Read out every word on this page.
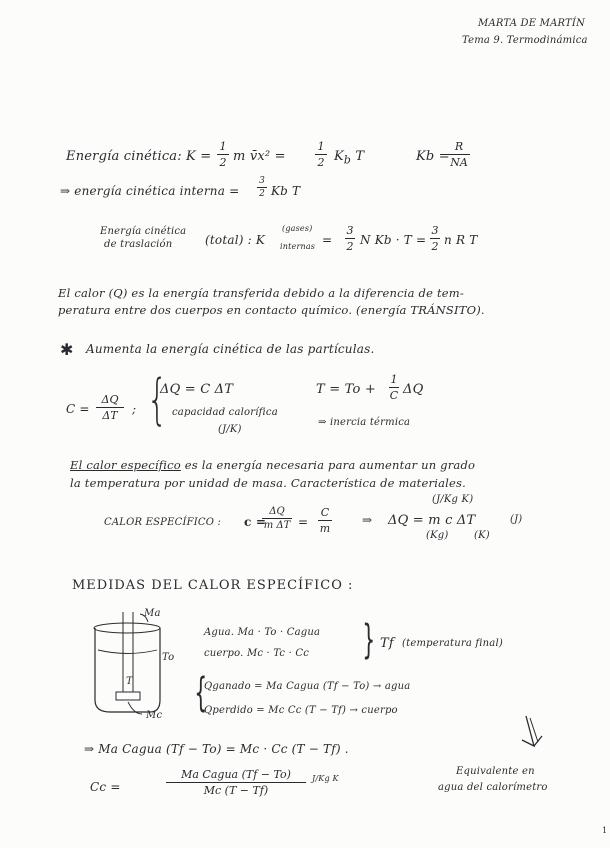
MARTA DE MARTÍN
Tema 9. Termodinámica
Energía cinética: K =
1
2 m v̄x² =
1
2 $K_b$ T	Kb =
R
NA
⇒ energía cinética interna =
3
2 Kb T
Energía cinética
de traslación	(total) : K
(gases)
internas =
3
2 N Kb · T =
3
2 n R T
El calor (Q) es la energía transferida debido a la diferencia de tem-
peratura entre dos cuerpos en contacto químico. (energía TRÁNSITO).
✱ Aumenta la energía cinética de las partículas.
C =
ΔQ
ΔT	; {
ΔQ = C ΔT	T = To +
1
C ΔQ
capacidad calorífica
(J/K)
⇒ inercia térmica
El calor específico es la energía necesaria para aumentar un grado
la temperatura por unidad de masa. Característica de materiales.
(J/Kg K)
CALOR ESPECÍFICO : c =
ΔQ
m ΔT =
C
m
⇒ ΔQ = m c ΔT	(J)
(Kg)	(K)
MEDIDAS DEL CALOR ESPECÍFICO :
Ma
To
T
Mc
Agua. Ma · To · Cagua
cuerpo. Mc · Tc · Cc } Tf (temperatura final)
{
Qganado = Ma Cagua (Tf − To) → agua
Qperdido = Mc Cc (T − Tf) → cuerpo
⇒ Ma Cagua (Tf − To) = Mc · Cc (T − Tf) .
Cc =
Ma Cagua (Tf − To)
Mc (T − Tf)
J/Kg K
Equivalente en
agua del calorímetro
1
